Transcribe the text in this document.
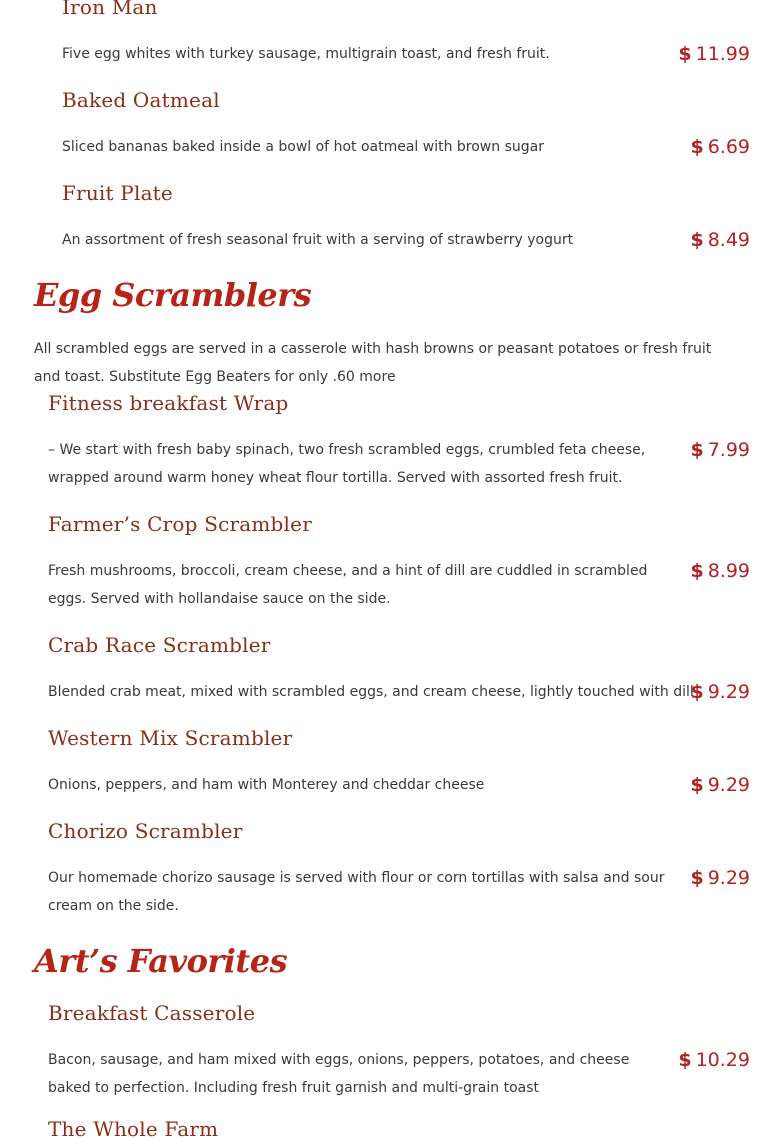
Iron Man
Five egg whites with turkey sausage, multigrain toast, and fresh fruit.	$ 11.99
Baked Oatmeal
Sliced bananas baked inside a bowl of hot oatmeal with brown sugar	$ 6.69
Fruit Plate
An assortment of fresh seasonal fruit with a serving of strawberry yogurt	$ 8.49
Egg Scramblers
All scrambled eggs are served in a casserole with hash browns or peasant potatoes or fresh fruit and toast. Substitute Egg Beaters for only .60 more
Fitness breakfast Wrap
– We start with fresh baby spinach, two fresh scrambled eggs, crumbled feta cheese, wrapped around warm honey wheat flour tortilla. Served with assorted fresh fruit.
$ 7.99
Farmer’s Crop Scrambler
Fresh mushrooms, broccoli, cream cheese, and a hint of dill are cuddled in scrambled eggs. Served with hollandaise sauce on the side.
$ 8.99
Crab Race Scrambler
Blended crab meat, mixed with scrambled eggs, and cream cheese, lightly touched with dill
$ 9.29
Western Mix Scrambler
Onions, peppers, and ham with Monterey and cheddar cheese	$ 9.29
Chorizo Scrambler
Our homemade chorizo sausage is served with flour or corn tortillas with salsa and sour cream on the side.
$ 9.29
Art’s Favorites
Breakfast Casserole
Bacon, sausage, and ham mixed with eggs, onions, peppers, potatoes, and cheese baked to perfection. Including fresh fruit garnish and multi-grain toast
$ 10.29
The Whole Farm
